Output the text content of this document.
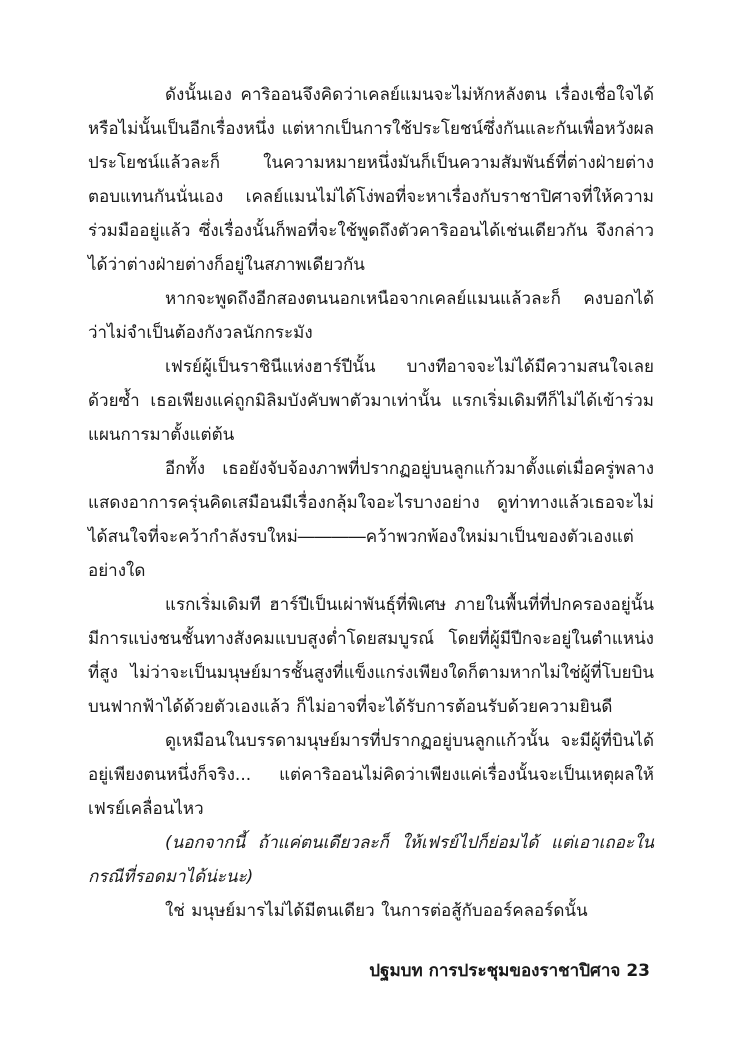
ดังนั้นเอง คาริออนจึงคิดว่าเคลย์แมนจะไม่หักหลังตน เรื่องเชื่อใจได้หรือไม่นั้นเป็นอีกเรื่องหนึ่ง แต่หากเป็นการใช้ประโยชน์ซึ่งกันและกันเพื่อหวังผลประโยชน์แล้วละก็ ในความหมายหนึ่งมันก็เป็นความสัมพันธ์ที่ต่างฝ่ายต่างตอบแทนกันนั่นเอง เคลย์แมนไม่ได้โง่พอที่จะหาเรื่องกับราชาปิศาจที่ให้ความร่วมมืออยู่แล้ว ซึ่งเรื่องนั้นก็พอที่จะใช้พูดถึงตัวคาริออนได้เช่นเดียวกัน จึงกล่าวได้ว่าต่างฝ่ายต่างก็อยู่ในสภาพเดียวกัน

หากจะพูดถึงอีกสองตนนอกเหนือจากเคลย์แมนแล้วละก็ คงบอกได้ว่าไม่จำเป็นต้องกังวลนักกระมัง

เฟรย์ผู้เป็นราชินีแห่งฮาร์ปีนั้น บางทีอาจจะไม่ได้มีความสนใจเลยด้วยซ้ำ เธอเพียงแค่ถูกมิลิมบังคับพาตัวมาเท่านั้น แรกเริ่มเดิมทีก็ไม่ได้เข้าร่วมแผนการมาตั้งแต่ต้น

อีกทั้ง เธอยังจับจ้องภาพที่ปรากฏอยู่บนลูกแก้วมาตั้งแต่เมื่อครู่พลางแสดงอาการครุ่นคิดเสมือนมีเรื่องกลุ้มใจอะไรบางอย่าง ดูท่าทางแล้วเธอจะไม่ได้สนใจที่จะคว้ากำลังรบใหม่――――คว้าพวกพ้องใหม่มาเป็นของตัวเองแต่อย่างใด

แรกเริ่มเดิมที ฮาร์ปีเป็นเผ่าพันธุ์ที่พิเศษ ภายในพื้นที่ที่ปกครองอยู่นั้น มีการแบ่งชนชั้นทางสังคมแบบสูงต่ำโดยสมบูรณ์ โดยที่ผู้มีปีกจะอยู่ในตำแหน่งที่สูง ไม่ว่าจะเป็นมนุษย์มารชั้นสูงที่แข็งแกร่งเพียงใดก็ตามหากไม่ใช่ผู้ที่โบยบินบนฟากฟ้าได้ด้วยตัวเองแล้ว ก็ไม่อาจที่จะได้รับการต้อนรับด้วยความยินดี

ดูเหมือนในบรรดามนุษย์มารที่ปรากฏอยู่บนลูกแก้วนั้น จะมีผู้ที่บินได้อยู่เพียงตนหนึ่งก็จริง... แต่คาริออนไม่คิดว่าเพียงแค่เรื่องนั้นจะเป็นเหตุผลให้เฟรย์เคลื่อนไหว

(นอกจากนี้ ถ้าแค่ตนเดียวละก็ ให้เฟรย์ไปก็ย่อมได้ แต่เอาเถอะในกรณีที่รอดมาได้น่ะนะ)

ใช่ มนุษย์มารไม่ได้มีตนเดียว ในการต่อสู้กับออร์คลอร์ดนั้น

ปฐมบท การประชุมของราชาปิศาจ 23
